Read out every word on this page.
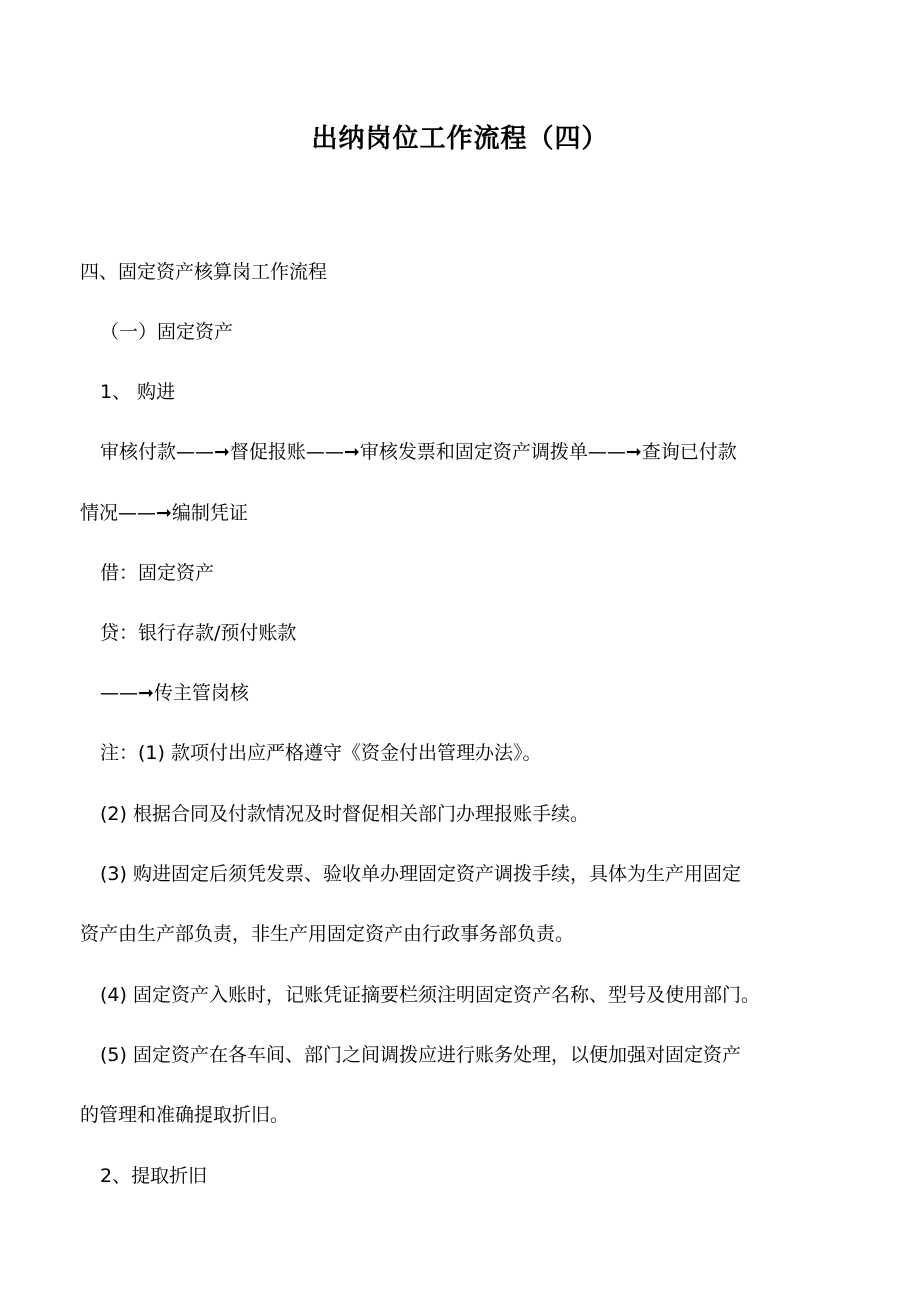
出纳岗位工作流程（四）
四、固定资产核算岗工作流程
（一）固定资产
1、 购进
审核付款——➞督促报账——➞审核发票和固定资产调拨单——➞查询已付款
情况——➞编制凭证
借：固定资产
贷：银行存款/预付账款
——➞传主管岗核
注：(1) 款项付出应严格遵守《资金付出管理办法》。
(2) 根据合同及付款情况及时督促相关部门办理报账手续。
(3) 购进固定后须凭发票、验收单办理固定资产调拨手续，具体为生产用固定
资产由生产部负责，非生产用固定资产由行政事务部负责。
(4) 固定资产入账时，记账凭证摘要栏须注明固定资产名称、型号及使用部门。
(5) 固定资产在各车间、部门之间调拨应进行账务处理，以便加强对固定资产
的管理和准确提取折旧。
2、提取折旧
